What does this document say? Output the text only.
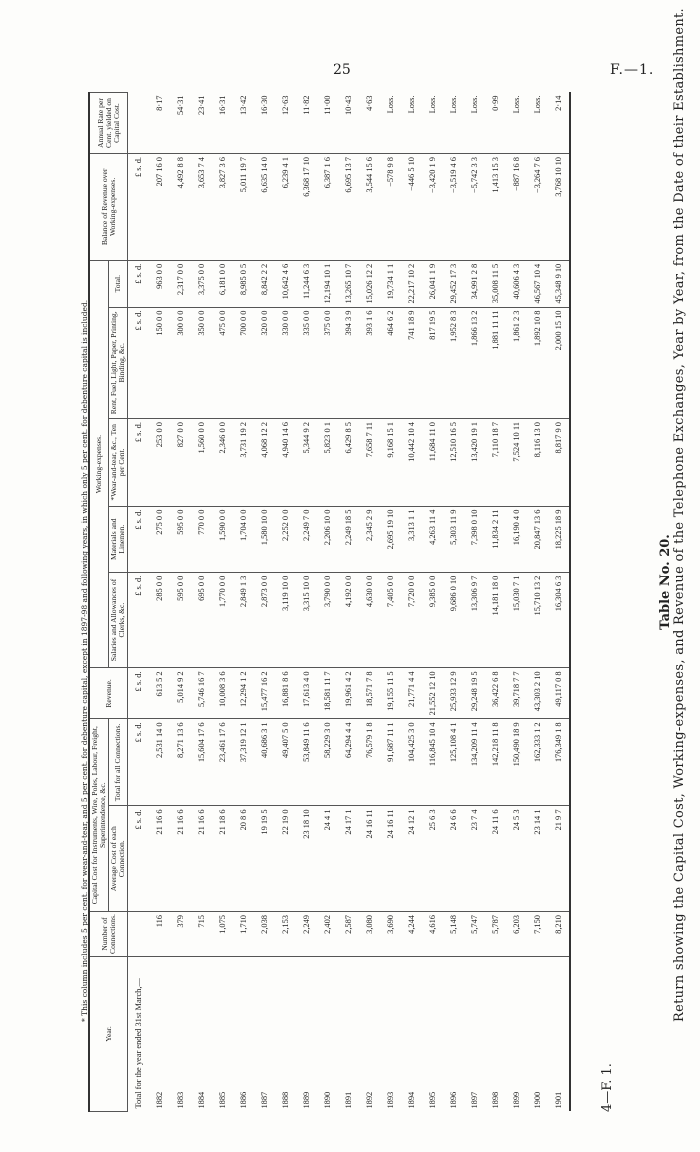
25	F.—1.
4—F. 1.
Table No. 20. Return showing the Capital Cost, Working-expenses, and Revenue of the Telephone Exchanges, Year by Year, from the Date of their Establishment.
Year.	Number of Connections.	Capital Cost for Instruments, Wire, Poles, Labour, Freight, Superintendence, &c.		Revenue.	Working-expenses.					Balance of Revenue over Working-expenses.	Annual Rate per Cent. yielded on Capital Cost.
		Average Cost of each Connection.	Total for all Connections.		Salaries and Allowances of Clerks, &c.	Materials and Linemen.	*Wear-and-tear, &c., Ten per Cent.	Rent, Fuel, Light, Paper, Printing, Binding, &c.	Total.		
Total for the year ended 31st March,—		£ s. d.	£ s. d.	£ s. d.	£ s. d.	£ s. d.	£ s. d.	£ s. d.	£ s. d.	£ s. d.	
1882	116	21 16 6	2,531 14 0	613 5 2	285 0 0	275 0 0	253 0 0	150 0 0	963 0 0	207 16 0	8·17
1883	379	21 16 6	8,271 13 6	5,014 9 2	595 0 0	595 0 0	827 0 0	300 0 0	2,317 0 0	4,492 8 8	54·31
1884	715	21 16 6	15,604 17 6	5,746 16 7	695 0 0	770 0 0	1,560 0 0	350 0 0	3,375 0 0	3,653 7 4	23·41
1885	1,075	21 18 6	23,461 17 6	10,008 3 6	1,770 0 0	1,590 0 0	2,346 0 0	475 0 0	6,181 0 0	3,827 3 6	16·31
1886	1,710	20 8 6	37,319 12 1	12,294 1 2	2,849 1 3	1,704 0 0	3,731 19 2	700 0 0	8,985 0 5	5,011 19 7	13·42
1887	2,038	19 19 5	40,686 3 1	15,477 16 2	2,873 0 0	1,580 10 0	4,068 12 2	320 0 0	8,842 2 2	6,635 14 0	16·30
1888	2,153	22 19 0	49,407 5 0	16,881 8 6	3,119 10 0	2,252 0 0	4,940 14 6	330 0 0	10,642 4 6	6,239 4 1	12·63
1889	2,249	23 18 10	53,849 11 6	17,613 4 0	3,315 10 0	2,249 7 0	5,344 9 2	335 0 0	11,244 6 3	6,368 17 10	11·82
1890	2,402	24 4 1	58,229 3 0	18,581 11 7	3,790 0 0	2,206 10 0	5,823 0 1	375 0 0	12,194 10 1	6,387 1 6	11·00
1891	2,587	24 17 1	64,294 4 4	19,961 4 2	4,192 0 0	2,249 18 5	6,429 8 5	394 3 9	13,265 10 7	6,695 13 7	10·43
1892	3,080	24 16 11	76,579 1 8	18,571 7 8	4,630 0 0	2,345 2 9	7,658 7 11	393 1 6	15,026 12 2	3,544 15 6	4·63
1893	3,690	24 16 11	91,687 11 1	19,155 11 5	7,405 0 0	2,695 19 10	9,168 15 1	464 6 2	19,734 1 1	−578 9 8	Loss.
1894	4,244	24 12 1	104,425 3 0	21,771 4 4	7,720 0 0	3,313 1 1	10,442 10 4	741 18 9	22,217 10 2	−446 5 10	Loss.
1895	4,616	25 6 3	116,845 10 4	21,552 12 10	9,385 0 0	4,263 11 4	11,684 11 0	817 19 5	26,041 1 9	−3,420 1 9	Loss.
1896	5,148	24 6 6	125,108 4 1	25,933 12 9	9,686 0 10	5,303 11 9	12,510 16 5	1,952 8 3	29,452 17 3	−3,519 4 6	Loss.
1897	5,747	23 7 4	134,209 11 4	29,248 19 5	13,306 9 7	7,398 0 10	13,420 19 1	1,866 13 2	34,991 2 8	−5,742 3 3	Loss.
1898	5,787	24 11 6	142,218 11 8	36,422 6 8	14,181 18 0	11,834 2 11	7,110 18 7	1,881 11 11	35,008 11 5	1,413 15 3	0·99
1899	6,203	24 5 3	150,490 18 9	39,718 7 7	15,030 7 1	16,190 4 0	7,524 10 11	1,861 2 3	40,606 4 3	−887 16 8	Loss.
1900	7,150	23 14 1	162,333 1 2	43,303 2 10	15,710 13 2	20,847 13 6	8,116 13 0	1,892 10 8	46,567 10 4	−3,264 7 6	Loss.
1901	8,210	21 9 7	176,349 1 8	49,117 0 8	16,304 6 3	18,225 18 9	8,817 9 0	2,000 15 10	45,348 9 10	3,768 10 10	2·14
* This column includes 5 per cent. for wear-and-tear, and 5 per cent. for debenture capital, except in 1897-98 and following years, in which only 5 per cent. for debenture capital is included.
